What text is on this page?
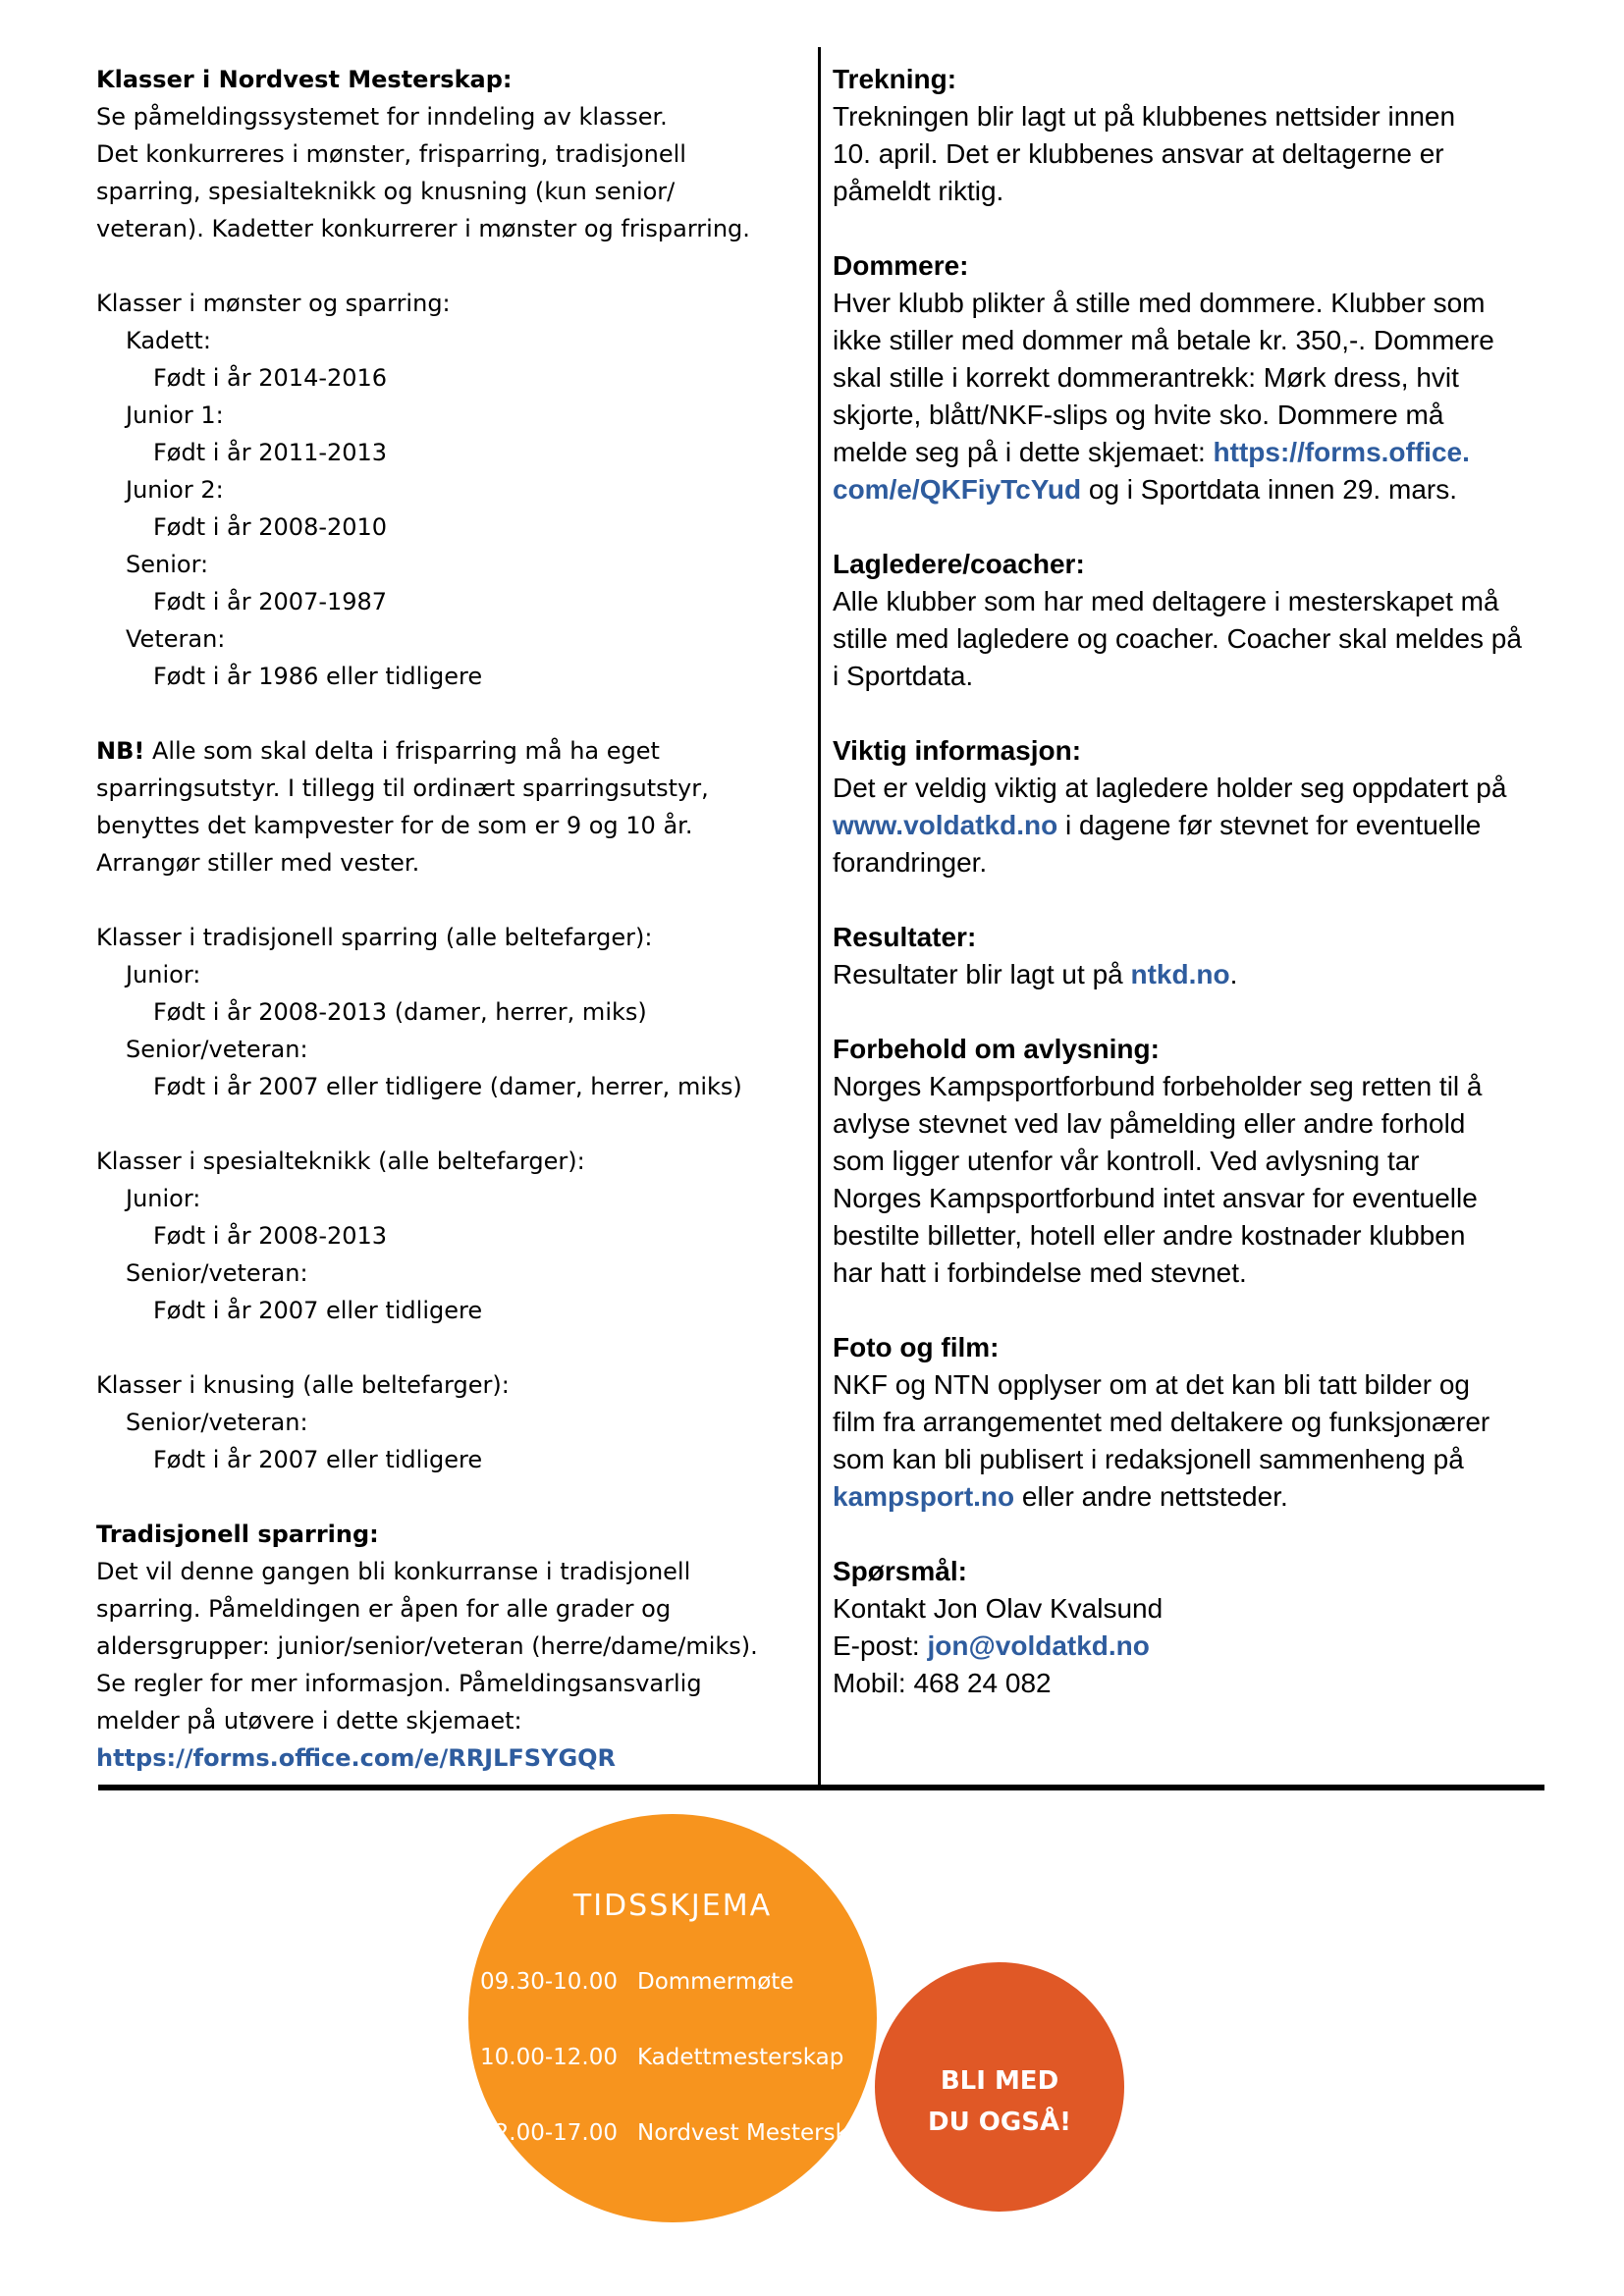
Klasser i Nordvest Mesterskap:
Se påmeldingssystemet for inndeling av klasser.
Det konkurreres i mønster, frisparring, tradisjonell
sparring, spesialteknikk og knusning (kun senior/
veteran). Kadetter konkurrerer i mønster og frisparring.
Klasser i mønster og sparring:
Kadett:
Født i år 2014-2016
Junior 1:
Født i år 2011-2013
Junior 2:
Født i år 2008-2010
Senior:
Født i år 2007-1987
Veteran:
Født i år 1986 eller tidligere
NB! Alle som skal delta i frisparring må ha eget
sparringsutstyr. I tillegg til ordinært sparringsutstyr,
benyttes det kampvester for de som er 9 og 10 år.
Arrangør stiller med vester.
Klasser i tradisjonell sparring (alle beltefarger):
Junior:
Født i år 2008-2013 (damer, herrer, miks)
Senior/veteran:
Født i år 2007 eller tidligere (damer, herrer, miks)
Klasser i spesialteknikk (alle beltefarger):
Junior:
Født i år 2008-2013
Senior/veteran:
Født i år 2007 eller tidligere
Klasser i knusing (alle beltefarger):
Senior/veteran:
Født i år 2007 eller tidligere
Tradisjonell sparring:
Det vil denne gangen bli konkurranse i tradisjonell
sparring. Påmeldingen er åpen for alle grader og
aldersgrupper: junior/senior/veteran (herre/dame/miks).
Se regler for mer informasjon. Påmeldingsansvarlig
melder på utøvere i dette skjemaet:
https://forms.office.com/e/RRJLFSYGQR
Trekning:
Trekningen blir lagt ut på klubbenes nettsider innen
10. april. Det er klubbenes ansvar at deltagerne er
påmeldt riktig.
Dommere:
Hver klubb plikter å stille med dommere. Klubber som
ikke stiller med dommer må betale kr. 350,-. Dommere
skal stille i korrekt dommerantrekk: Mørk dress, hvit
skjorte, blått/NKF-slips og hvite sko. Dommere må
melde seg på i dette skjemaet: https://forms.office.
com/e/QKFiyTcYud og i Sportdata innen 29. mars.
Lagledere/coacher:
Alle klubber som har med deltagere i mesterskapet må
stille med lagledere og coacher. Coacher skal meldes på
i Sportdata.
Viktig informasjon:
Det er veldig viktig at lagledere holder seg oppdatert på
www.voldatkd.no i dagene før stevnet for eventuelle
forandringer.
Resultater:
Resultater blir lagt ut på ntkd.no.
Forbehold om avlysning:
Norges Kampsportforbund forbeholder seg retten til å
avlyse stevnet ved lav påmelding eller andre forhold
som ligger utenfor vår kontroll. Ved avlysning tar
Norges Kampsportforbund intet ansvar for eventuelle
bestilte billetter, hotell eller andre kostnader klubben
har hatt i forbindelse med stevnet.
Foto og film:
NKF og NTN opplyser om at det kan bli tatt bilder og
film fra arrangementet med deltakere og funksjonærer
som kan bli publisert i redaksjonell sammenheng på
kampsport.no eller andre nettsteder.
Spørsmål:
Kontakt Jon Olav Kvalsund
E-post: jon@voldatkd.no
Mobil: 468 24 082
TIDSSKJEMA
09.30-10.00 Dommermøte
10.00-12.00 Kadettmesterskap
12.00-17.00 Nordvest Mesterskap
BLI MED
DU OGSÅ!
